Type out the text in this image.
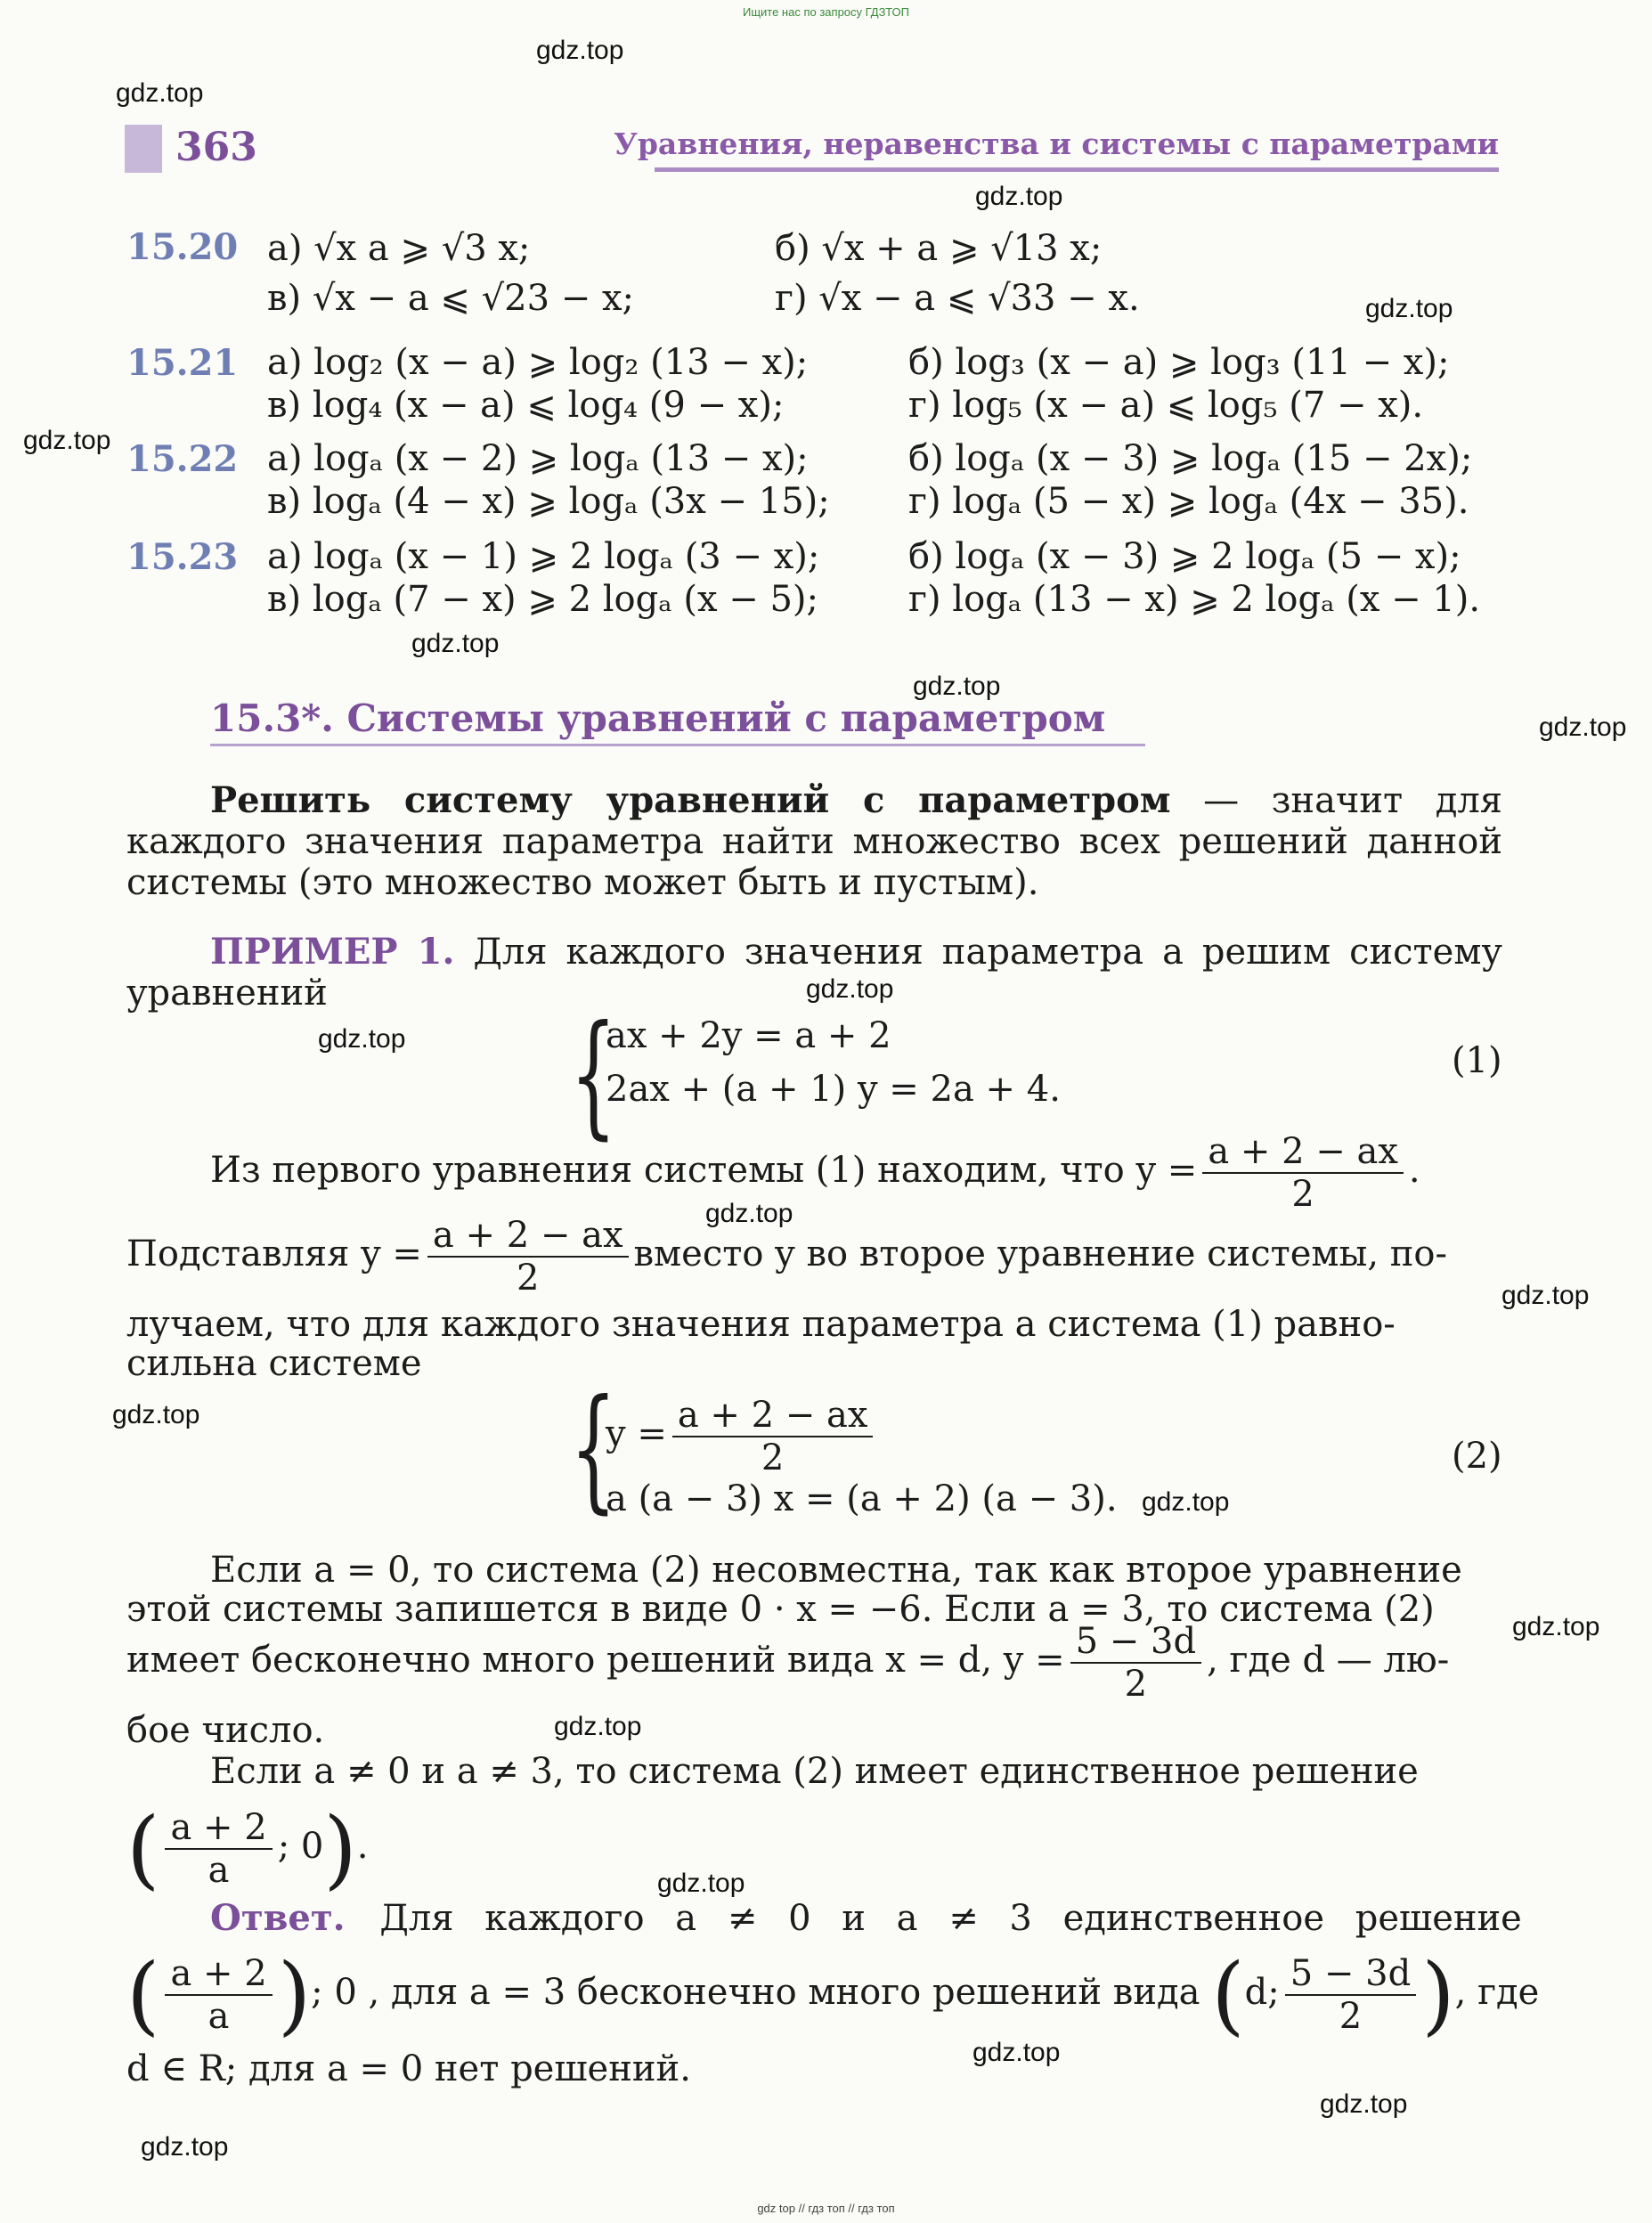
Ищите нас по запросу ГДЗТОП
gdz.top
gdz.top
gdz.top
gdz.top
gdz.top
gdz.top
gdz.top
gdz.top
gdz.top
gdz.top
gdz.top
gdz.top
gdz.top
gdz.top
gdz.top
gdz.top
gdz.top
gdz.top
gdz.top
gdz.top
363	Уравнения, неравенства и системы с параметрами
15.20 а) √x a ⩾ √3 x;	б) √x + a ⩾ √13 x;
в) √x − a ⩽ √23 − x;	г) √x − a ⩽ √33 − x.
15.21 а) log₂ (x − a) ⩾ log₂ (13 − x);	б) log₃ (x − a) ⩾ log₃ (11 − x);
в) log₄ (x − a) ⩽ log₄ (9 − x);	г) log₅ (x − a) ⩽ log₅ (7 − x).
15.22 а) logₐ (x − 2) ⩾ logₐ (13 − x);	б) logₐ (x − 3) ⩾ logₐ (15 − 2x);
в) logₐ (4 − x) ⩾ logₐ (3x − 15); г) logₐ (5 − x) ⩾ logₐ (4x − 35).
15.23 а) logₐ (x − 1) ⩾ 2 logₐ (3 − x); б) logₐ (x − 3) ⩾ 2 logₐ (5 − x);
в) logₐ (7 − x) ⩾ 2 logₐ (x − 5);	г) logₐ (13 − x) ⩾ 2 logₐ (x − 1).
15.3*. Системы уравнений с параметром
Решить систему уравнений с параметром — значит для каждого значения параметра найти множество всех решений данной системы (это множество может быть и пустым).
ПРИМЕР 1. Для каждого значения параметра a решим систему уравнений
{
ax + 2y = a + 2
2ax + (a + 1) y = 2a + 4.
(1)
Из первого уравнения системы (1) находим, что $y = \frac{a + 2 - ax}{2}$ .
Подставляя $y = \frac{a + 2 - ax}{2}$ вместо y во второе уравнение системы, по-
лучаем, что для каждого значения параметра a система (1) равно-
сильна системе
{
$y = \frac{a + 2 - ax}{2}$
a (a − 3) x = (a + 2) (a − 3).
(2)
Если a = 0, то система (2) несовместна, так как второе уравнение
этой системы запишется в виде 0 · x = −6. Если a = 3, то система (2)
имеет бесконечно много решений вида x = d, $y = \frac{5 - 3d}{2}$ , где d — лю-
бое число.
Если a ≠ 0 и a ≠ 3, то система (2) имеет единственное решение
( $\frac{a + 2}{a}$ ; 0).
Ответ. Для каждого a ≠ 0 и a ≠ 3 единственное решение
( $\frac{a + 2}{a}$ ); 0 , для a = 3 бесконечно много решений вида (d; $\frac{5 - 3d}{2}$ ), где
d ∈ R; для a = 0 нет решений.
gdz top // гдз топ // гдз топ
